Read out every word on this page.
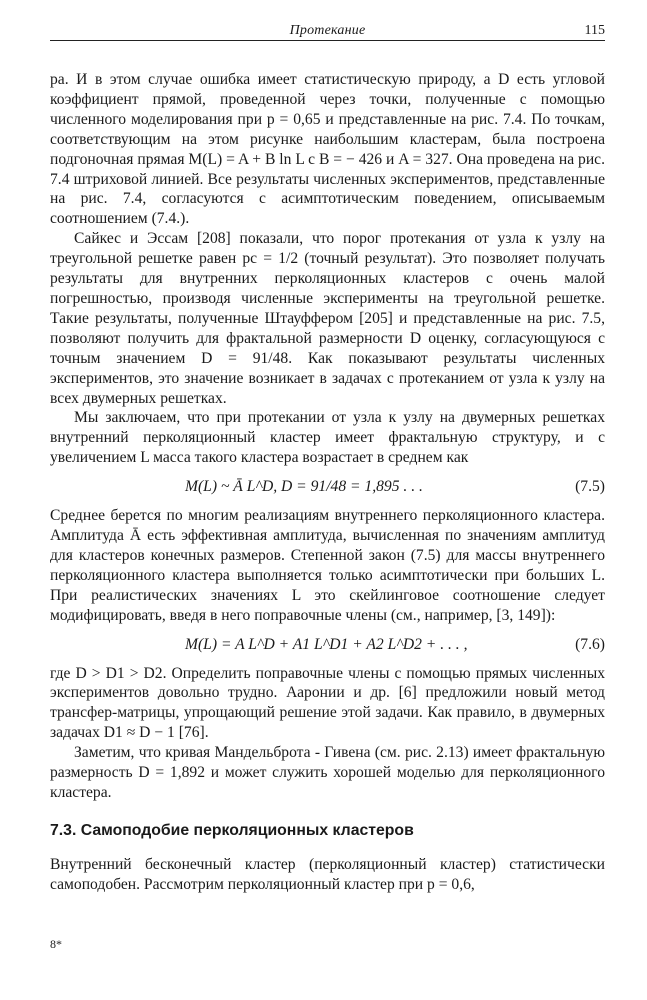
Протекание	115

ра. И в этом случае ошибка имеет статистическую природу, а D есть угловой коэффициент прямой, проведенной через точки, полученные с помощью численного моделирования при p = 0,65 и представленные на рис. 7.4. По точкам, соответствующим на этом рисунке наибольшим кластерам, была построена подгоночная прямая M(L) = A + B ln L с B = − 426 и A = 327. Она проведена на рис. 7.4 штриховой линией. Все результаты численных экспериментов, представленные на рис. 7.4, согласуются с асимптотическим поведением, описываемым соотношением (7.4.).

Сайкес и Эссам [208] показали, что порог протекания от узла к узлу на треугольной решетке равен pc = 1/2 (точный результат). Это позволяет получать результаты для внутренних перколяционных кластеров с очень малой погрешностью, производя численные эксперименты на треугольной решетке. Такие результаты, полученные Штауффером [205] и представленные на рис. 7.5, позволяют получить для фрактальной размерности D оценку, согласующуюся с точным значением D = 91/48. Как показывают результаты численных экспериментов, это значение возникает в задачах с протеканием от узла к узлу на всех двумерных решетках.

Мы заключаем, что при протекании от узла к узлу на двумерных решетках внутренний перколяционный кластер имеет фрактальную структуру, и с увеличением L масса такого кластера возрастает в среднем как

M(L) ~ Ā L^D, D = 91/48 = 1,895 . . .	(7.5)

Среднее берется по многим реализациям внутреннего перколяционного кластера. Амплитуда Ā есть эффективная амплитуда, вычисленная по значениям амплитуд для кластеров конечных размеров. Степенной закон (7.5) для массы внутреннего перколяционного кластера выполняется только асимптотически при больших L. При реалистических значениях L это скейлинговое соотношение следует модифицировать, введя в него поправочные члены (см., например, [3, 149]):

M(L) = A L^D + A1 L^D1 + A2 L^D2 + . . . ,	(7.6)

где D > D1 > D2. Определить поправочные члены с помощью прямых численных экспериментов довольно трудно. Ааронии и др. [6] предложили новый метод трансфер-матрицы, упрощающий решение этой задачи. Как правило, в двумерных задачах D1 ≈ D − 1 [76].

Заметим, что кривая Мандельброта - Гивена (см. рис. 2.13) имеет фрактальную размерность D = 1,892 и может служить хорошей моделью для перколяционного кластера.

7.3. Самоподобие перколяционных кластеров

Внутренний бесконечный кластер (перколяционный кластер) статистически самоподобен. Рассмотрим перколяционный кластер при p = 0,6,

8*
